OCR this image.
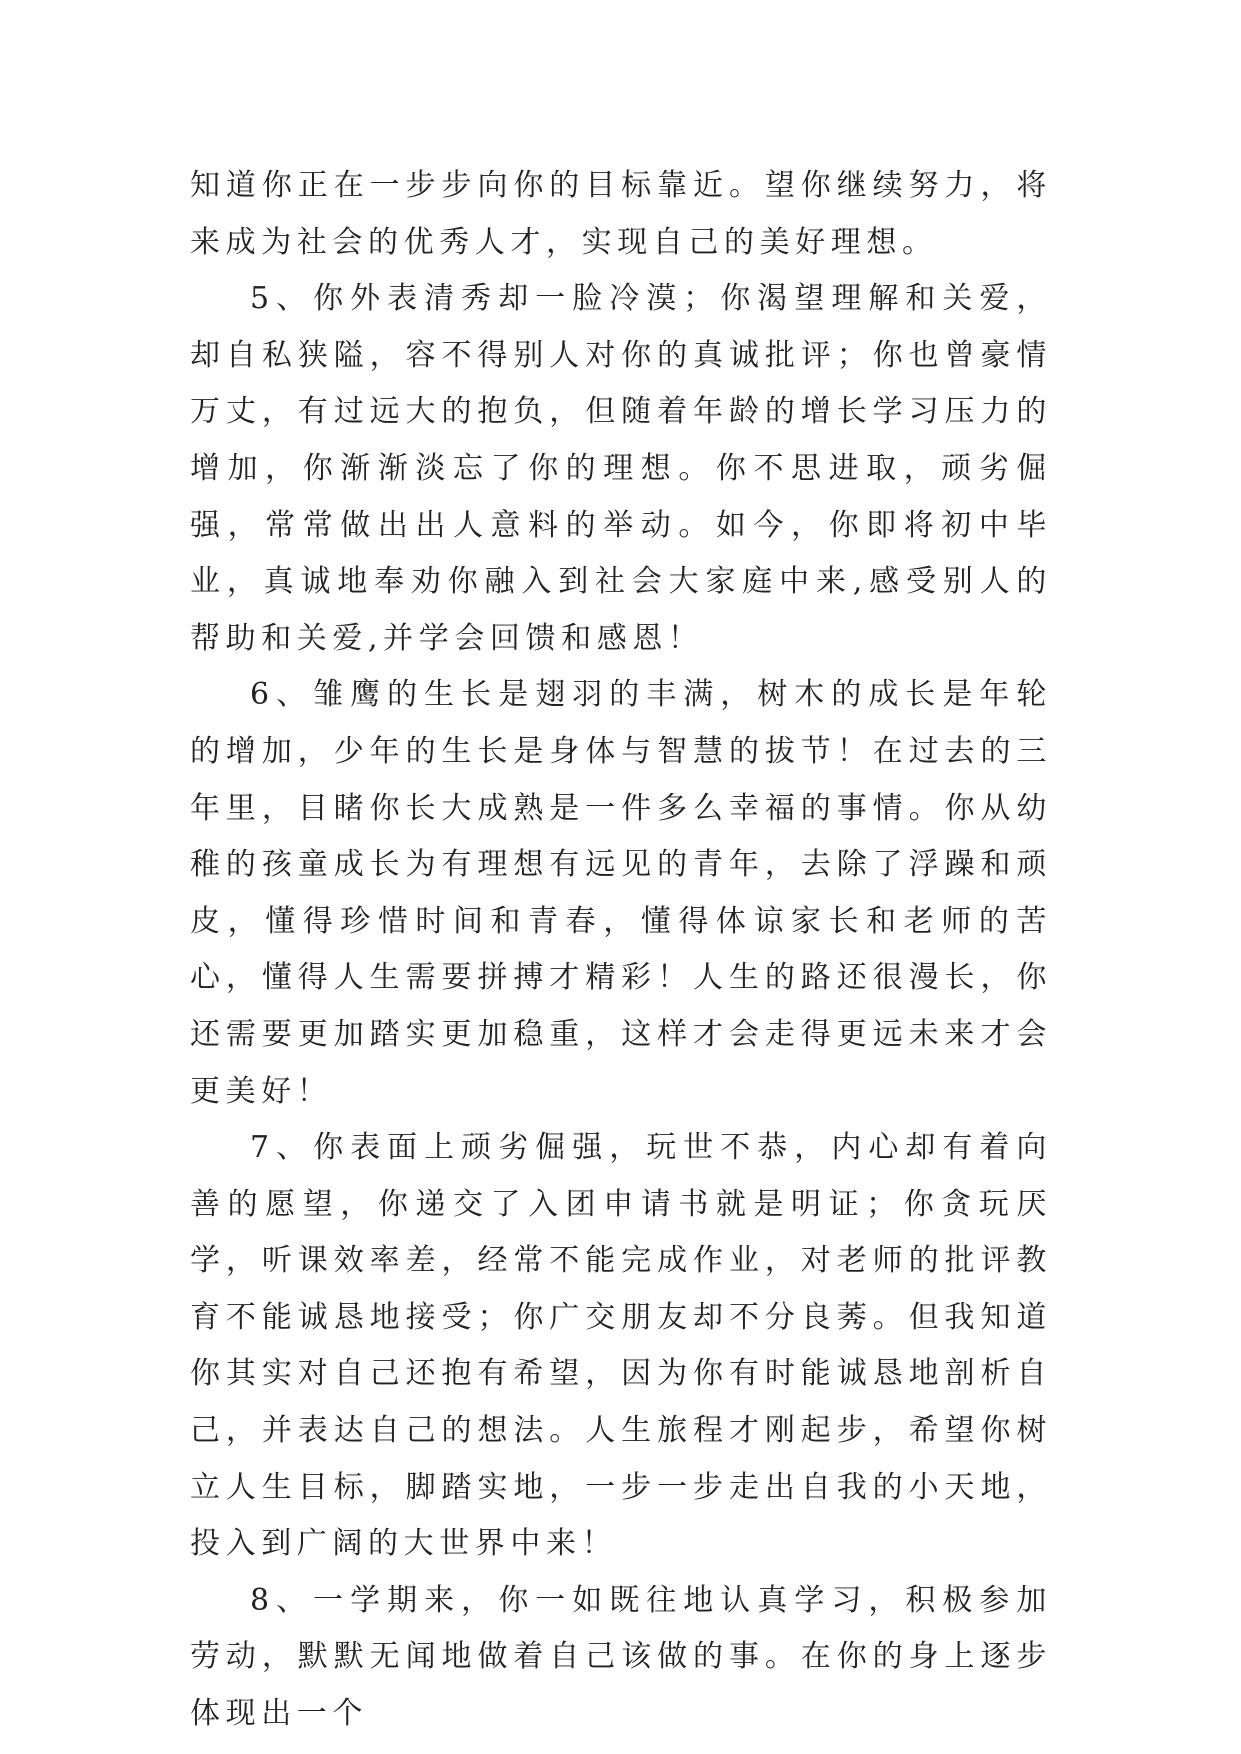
知道你正在一步步向你的目标靠近。望你继续努力，将来成为社会的优秀人才，实现自己的美好理想。

5、你外表清秀却一脸冷漠；你渴望理解和关爱，却自私狭隘，容不得别人对你的真诚批评；你也曾豪情万丈，有过远大的抱负，但随着年龄的增长学习压力的增加，你渐渐淡忘了你的理想。你不思进取，顽劣倔强，常常做出出人意料的举动。如今，你即将初中毕业，真诚地奉劝你融入到社会大家庭中来,感受别人的帮助和关爱,并学会回馈和感恩！

6、雏鹰的生长是翅羽的丰满，树木的成长是年轮的增加，少年的生长是身体与智慧的拔节！在过去的三年里，目睹你长大成熟是一件多么幸福的事情。你从幼稚的孩童成长为有理想有远见的青年，去除了浮躁和顽皮，懂得珍惜时间和青春，懂得体谅家长和老师的苦心，懂得人生需要拼搏才精彩！人生的路还很漫长，你还需要更加踏实更加稳重，这样才会走得更远未来才会更美好！

7、你表面上顽劣倔强，玩世不恭，内心却有着向善的愿望，你递交了入团申请书就是明证；你贪玩厌学，听课效率差，经常不能完成作业，对老师的批评教育不能诚恳地接受；你广交朋友却不分良莠。但我知道你其实对自己还抱有希望，因为你有时能诚恳地剖析自己，并表达自己的想法。人生旅程才刚起步，希望你树立人生目标，脚踏实地，一步一步走出自我的小天地，投入到广阔的大世界中来！

8、一学期来，你一如既往地认真学习，积极参加劳动，默默无闻地做着自己该做的事。在你的身上逐步体现出一个
